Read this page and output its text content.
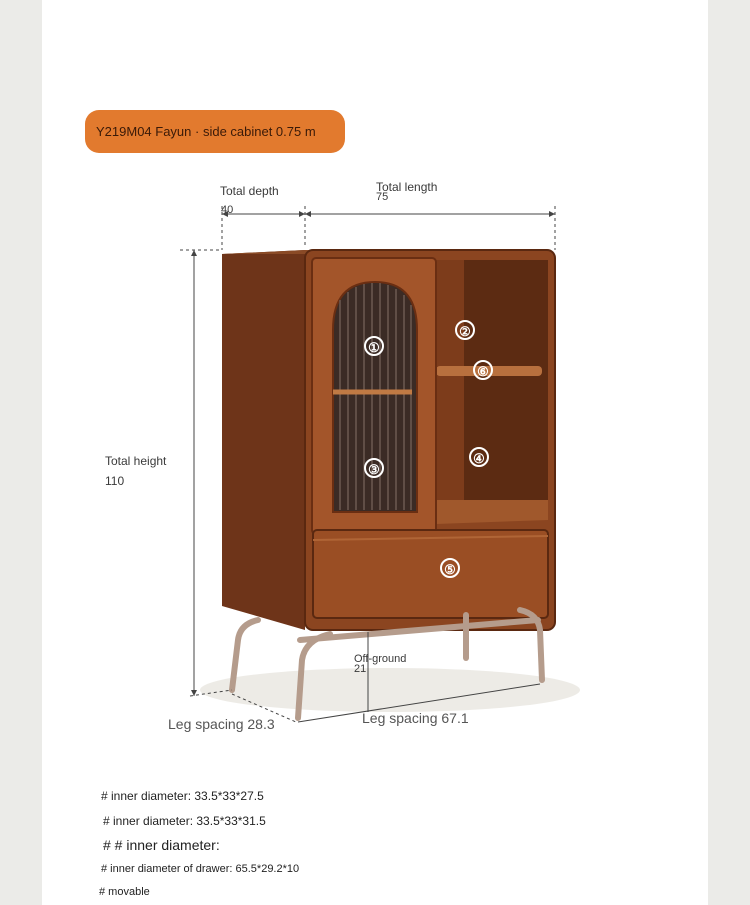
Y219M04 Fayun · side cabinet 0.75 m
①
②
③
④
⑤
⑥
Total depth
40
Total length
75
Total height
110
Off-ground
21
Leg spacing 28.3	Leg spacing 67.1
# inner diameter: 33.5*33*27.5
# inner diameter: 33.5*33*31.5
# # inner diameter:
# inner diameter of drawer: 65.5*29.2*10
# movable
